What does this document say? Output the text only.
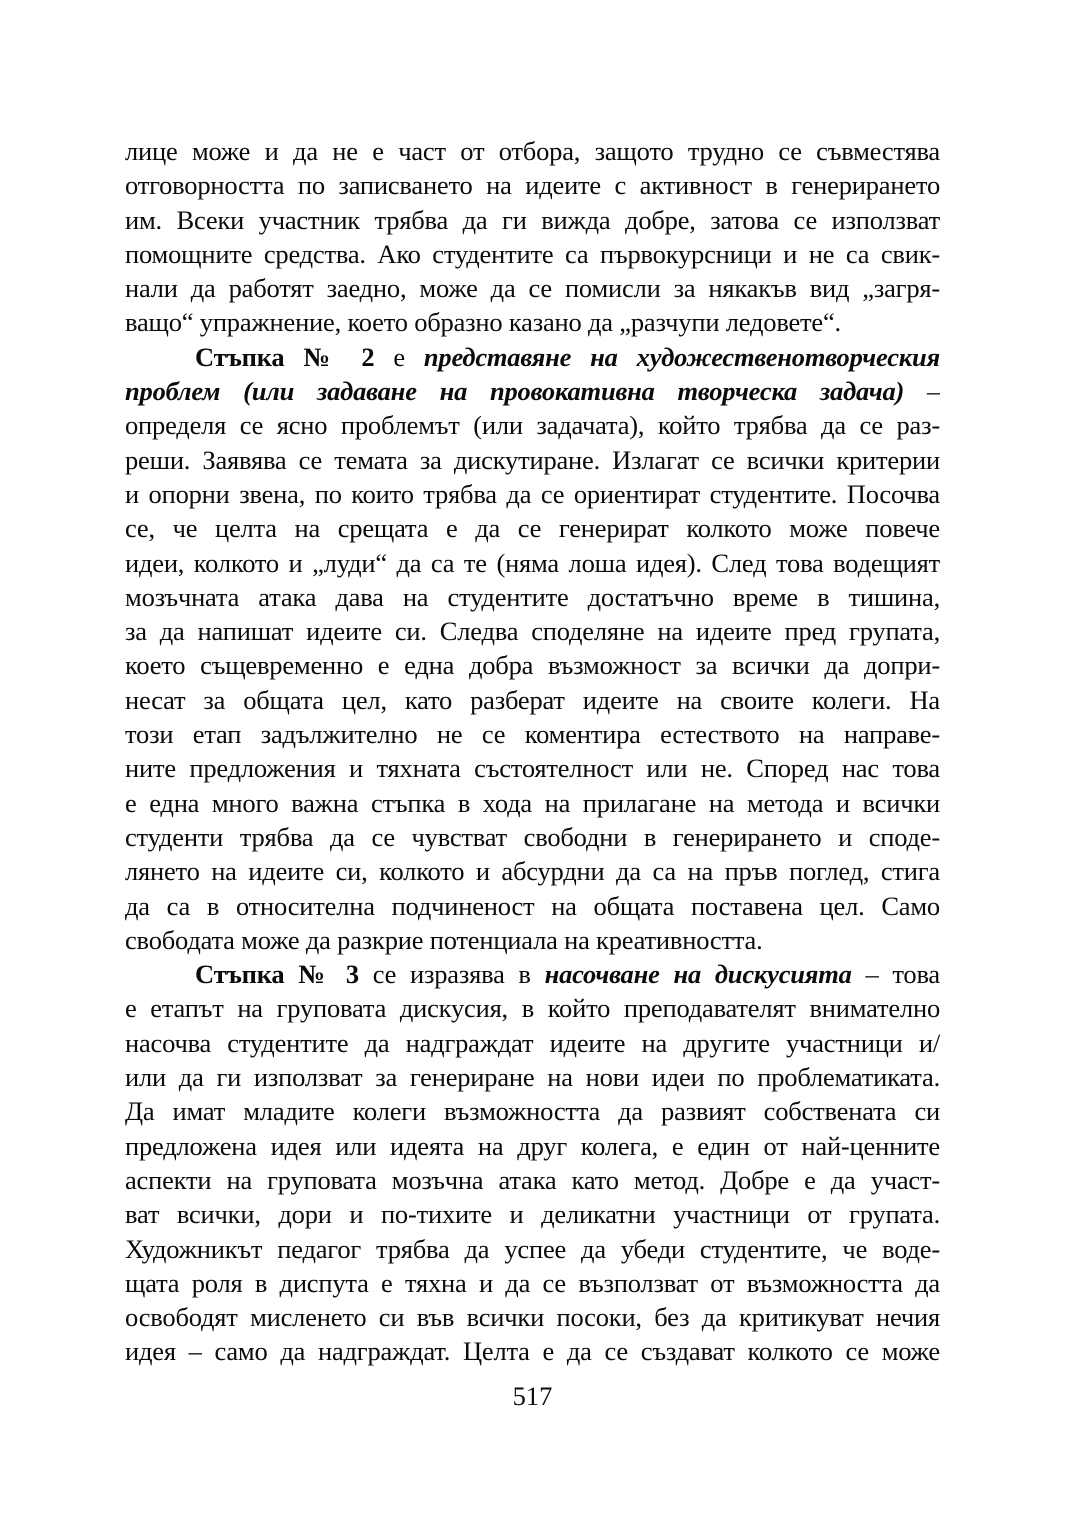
лице може и да не е част от отбора, защото трудно се съвместява
отговорността по записването на идеите с активност в генерирането
им. Всеки участник трябва да ги вижда добре, затова се използват
помощните средства. Ако студентите са първокурсници и не са свик-
нали да работят заедно, може да се помисли за някакъв вид „загря-
ващо“ упражнение, което образно казано да „разчупи ледовете“.
Стъпка № 2 е представяне на художественотворческия
проблем (или задаване на провокативна творческа задача) –
определя се ясно проблемът (или задачата), който трябва да се раз-
реши. Заявява се темата за дискутиране. Излагат се всички критерии
и опорни звена, по които трябва да се ориентират студентите. Посочва
се, че целта на срещата е да се генерират колкото може повече
идеи, колкото и „луди“ да са те (няма лоша идея). След това водещият
мозъчната атака дава на студентите достатъчно време в тишина,
за да напишат идеите си. Следва споделяне на идеите пред групата,
което същевременно е една добра възможност за всички да допри-
несат за общата цел, като разберат идеите на своите колеги. На
този етап задължително не се коментира естеството на направе-
ните предложения и тяхната състоятелност или не. Според нас това
е една много важна стъпка в хода на прилагане на метода и всички
студенти трябва да се чувстват свободни в генерирането и споде-
лянето на идеите си, колкото и абсурдни да са на пръв поглед, стига
да са в относителна подчиненост на общата поставена цел. Само
свободата може да разкрие потенциала на креативността.
Стъпка № 3 се изразява в насочване на дискусията – това
е етапът на груповата дискусия, в който преподавателят внимателно
насочва студентите да надграждат идеите на другите участници и/
или да ги използват за генериране на нови идеи по проблематиката.
Да имат младите колеги възможността да развият собствената си
предложена идея или идеята на друг колега, е един от най-ценните
аспекти на груповата мозъчна атака като метод. Добре е да участ-
ват всички, дори и по-тихите и деликатни участници от групата.
Художникът педагог трябва да успее да убеди студентите, че воде-
щата роля в диспута е тяхна и да се възползват от възможността да
освободят мисленето си във всички посоки, без да критикуват нечия
идея – само да надграждат. Целта е да се създават колкото се може
517
